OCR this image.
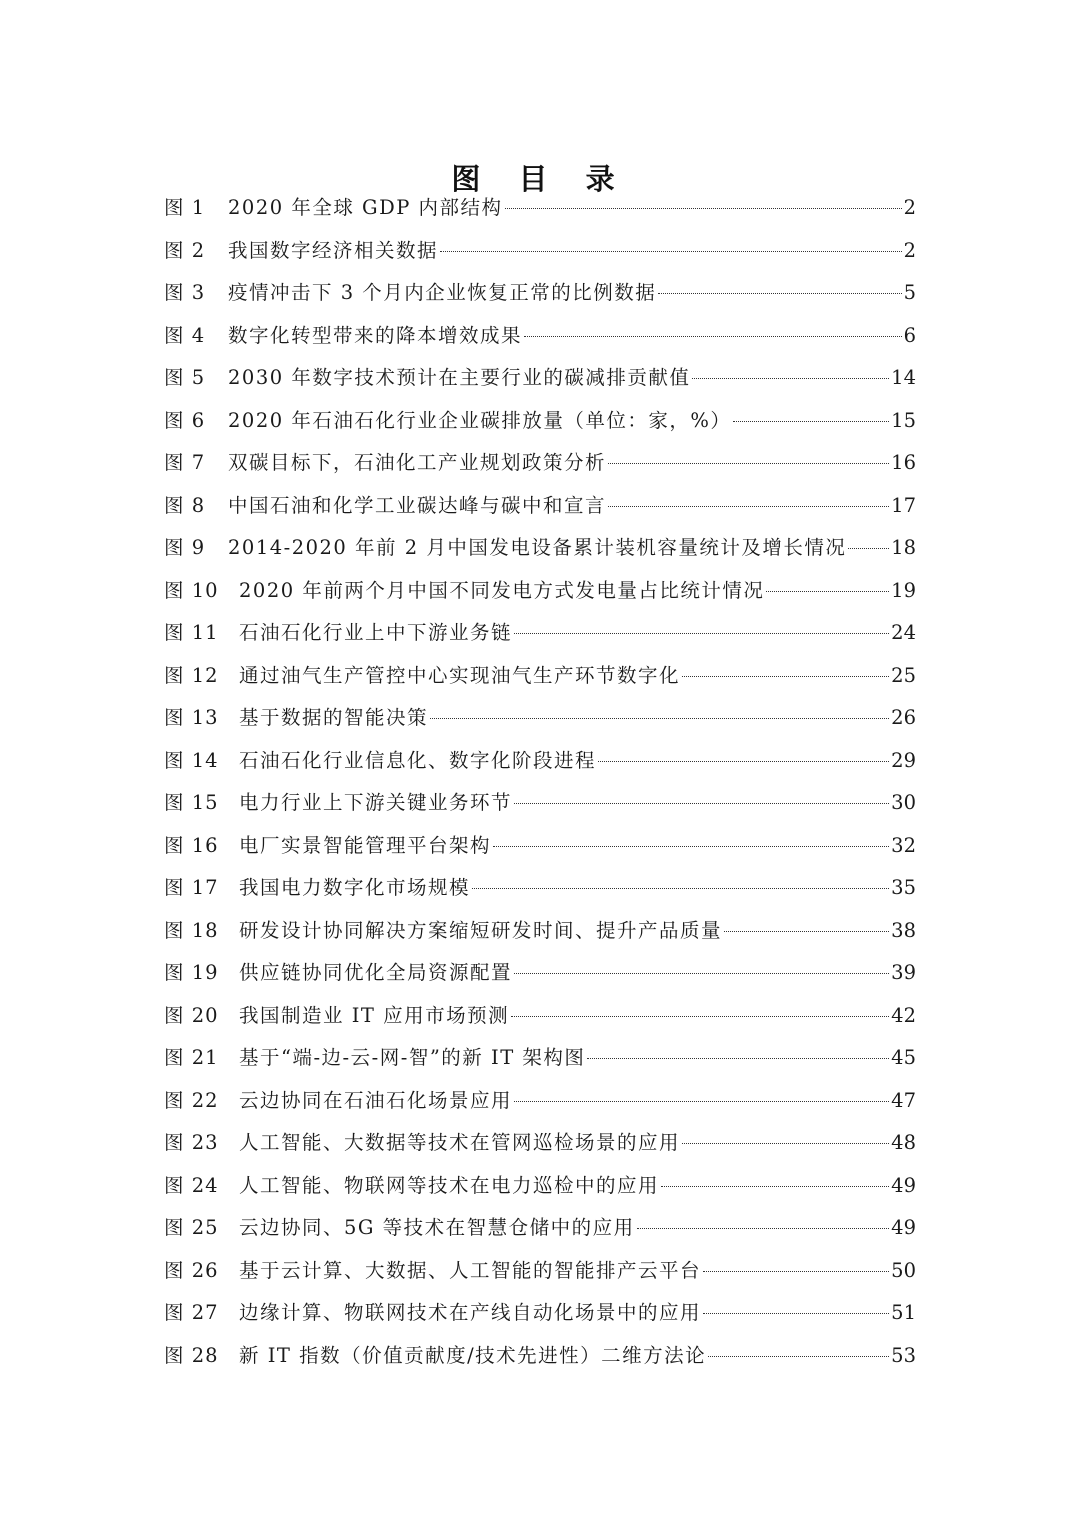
图 目 录
图 1	2020 年全球 GDP 内部结构	2
图 2	我国数字经济相关数据	2
图 3	疫情冲击下 3 个月内企业恢复正常的比例数据	5
图 4	数字化转型带来的降本增效成果	6
图 5	2030 年数字技术预计在主要行业的碳减排贡献值	14
图 6	2020 年石油石化行业企业碳排放量（单位：家，%）	15
图 7	双碳目标下，石油化工产业规划政策分析	16
图 8	中国石油和化学工业碳达峰与碳中和宣言	17
图 9	2014-2020 年前 2 月中国发电设备累计装机容量统计及增长情况 18
图 10	2020 年前两个月中国不同发电方式发电量占比统计情况	19
图 11	石油石化行业上中下游业务链	24
图 12	通过油气生产管控中心实现油气生产环节数字化	25
图 13	基于数据的智能决策	26
图 14	石油石化行业信息化、数字化阶段进程	29
图 15	电力行业上下游关键业务环节	30
图 16	电厂实景智能管理平台架构	32
图 17	我国电力数字化市场规模	35
图 18	研发设计协同解决方案缩短研发时间、提升产品质量	38
图 19	供应链协同优化全局资源配置	39
图 20	我国制造业 IT 应用市场预测	42
图 21	基于“端-边-云-网-智”的新 IT 架构图	45
图 22	云边协同在石油石化场景应用	47
图 23	人工智能、大数据等技术在管网巡检场景的应用	48
图 24	人工智能、物联网等技术在电力巡检中的应用	49
图 25	云边协同、5G 等技术在智慧仓储中的应用	49
图 26	基于云计算、大数据、人工智能的智能排产云平台	50
图 27	边缘计算、物联网技术在产线自动化场景中的应用	51
图 28	新 IT 指数（价值贡献度/技术先进性）二维方法论	53
